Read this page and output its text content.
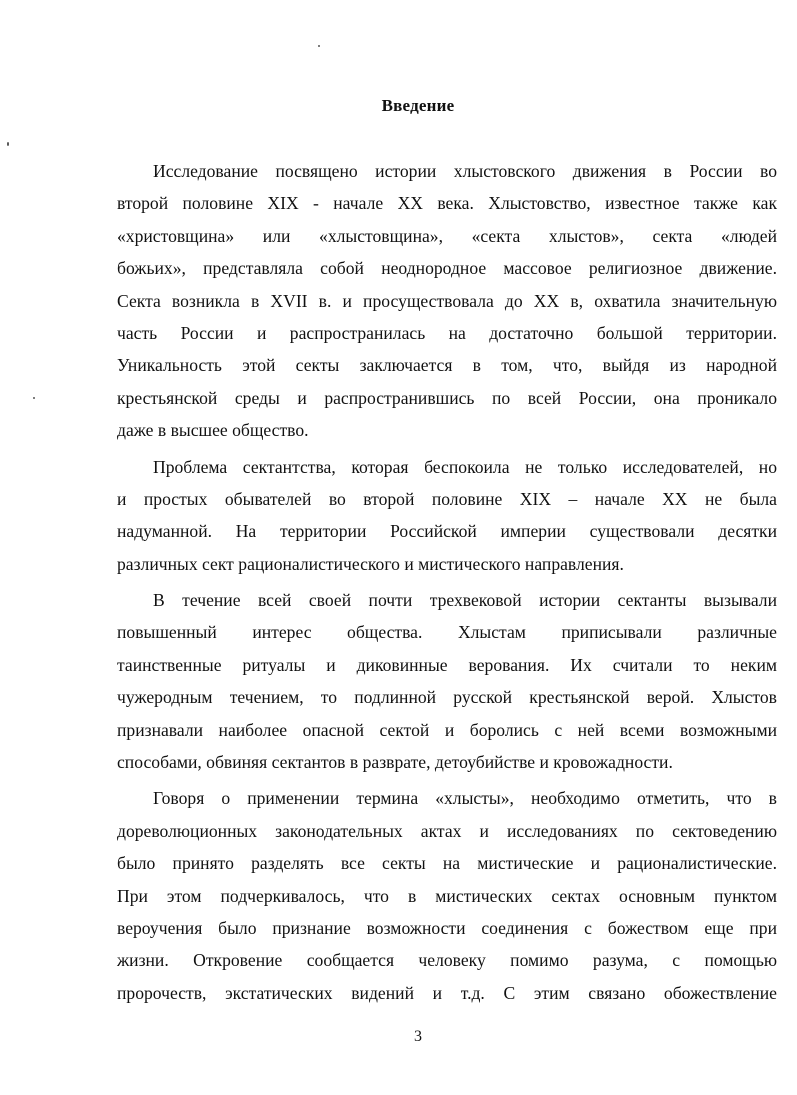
Введение
Исследование посвящено истории хлыстовского движения в России во
второй половине XIX - начале XX века. Хлыстовство, известное также как
«христовщина» или «хлыстовщина», «секта хлыстов», секта «людей
божьих», представляла собой неоднородное массовое религиозное движение.
Секта возникла в XVII в. и просуществовала до XX в, охватила значительную
часть России и распространилась на достаточно большой территории.
Уникальность этой секты заключается в том, что, выйдя из народной
крестьянской среды и распространившись по всей России, она проникало
даже в высшее общество.
Проблема сектантства, которая беспокоила не только исследователей, но
и простых обывателей во второй половине XIX – начале XX не была
надуманной. На территории Российской империи существовали десятки
различных сект рационалистического и мистического направления.
В течение всей своей почти трехвековой истории сектанты вызывали
повышенный интерес общества. Хлыстам приписывали различные
таинственные ритуалы и диковинные верования. Их считали то неким
чужеродным течением, то подлинной русской крестьянской верой. Хлыстов
признавали наиболее опасной сектой и боролись с ней всеми возможными
способами, обвиняя сектантов в разврате, детоубийстве и кровожадности.
Говоря о применении термина «хлысты», необходимо отметить, что в
дореволюционных законодательных актах и исследованиях по сектоведению
было принято разделять все секты на мистические и рационалистические.
При этом подчеркивалось, что в мистических сектах основным пунктом
вероучения было признание возможности соединения с божеством еще при
жизни. Откровение сообщается человеку помимо разума, с помощью
пророчеств, экстатических видений и т.д. С этим связано обожествление
3
